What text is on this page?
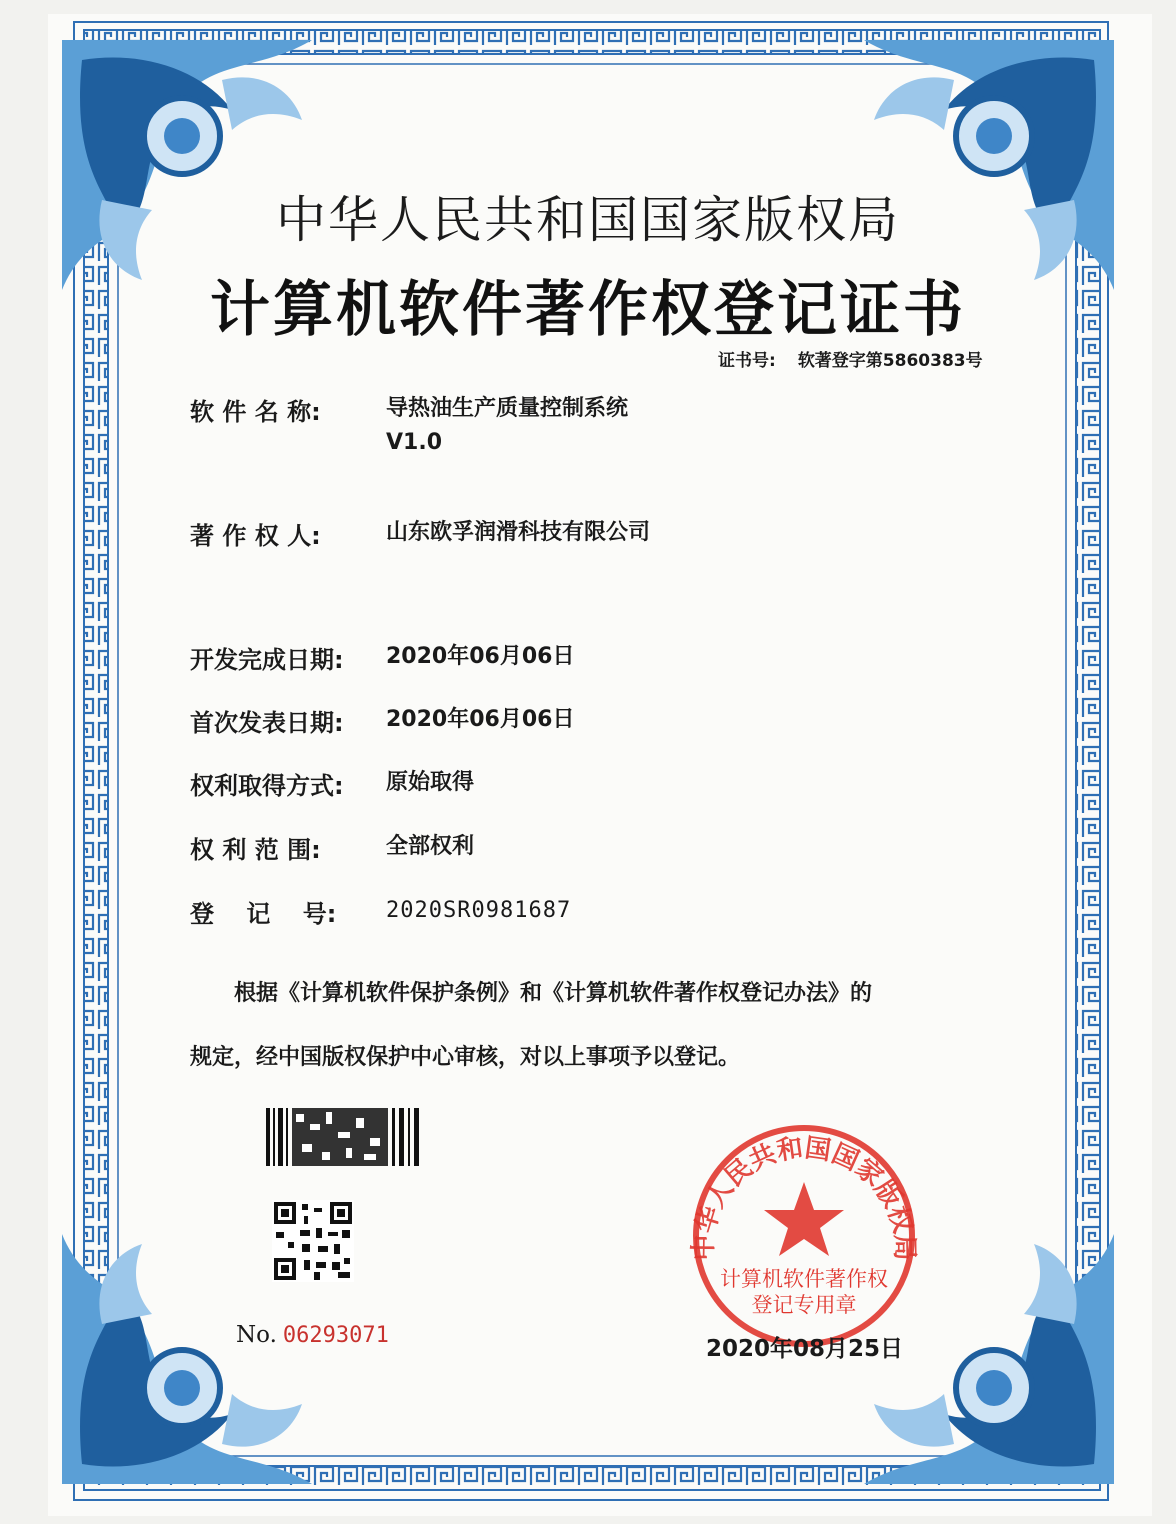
中华人民共和国国家版权局
计算机软件著作权登记证书
证书号: 软著登字第5860383号
软 件 名 称:	导热油生产质量控制系统
V1.0
著 作 权 人:	山东欧孚润滑科技有限公司
开发完成日期: 2020年06月06日
首次发表日期: 2020年06月06日
权利取得方式: 原始取得
权 利 范 围:	全部权利
登　 记　 号: 2020SR0981687
根据《计算机软件保护条例》和《计算机软件著作权登记办法》的
规定，经中国版权保护中心审核，对以上事项予以登记。
No. 06293071
中华人民共和国国家版权局
计算机软件著作权
登记专用章
2020年08月25日
